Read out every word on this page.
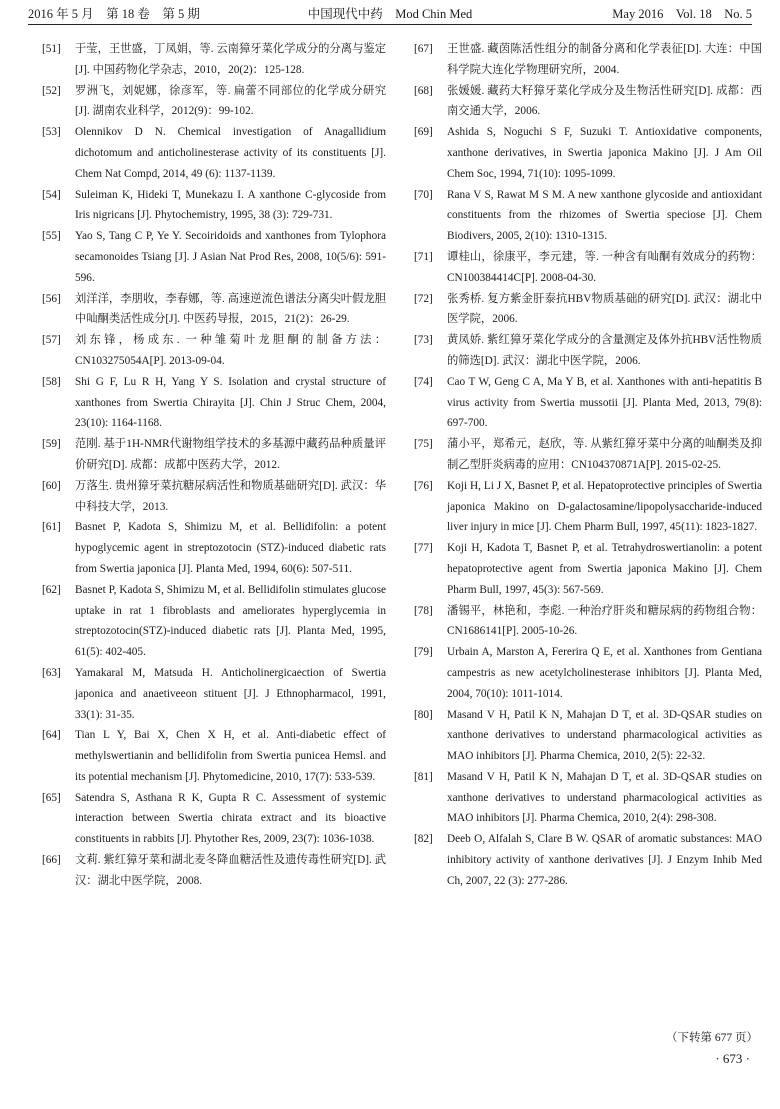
2016 年 5 月　第 18 卷　第 5 期	中国现代中药　Mod Chin Med	May 2016　Vol. 18　No. 5
[51]	于莹，王世盛，丁凤娟，等. 云南獐牙菜化学成分的分离与鉴定[J]. 中国药物化学杂志，2010，20(2)：125-128.
[52]	罗洲飞，刘妮娜，徐彦军，等. 扁蕾不同部位的化学成分研究[J]. 湖南农业科学，2012(9)：99-102.
[53]	Olennikov D N. Chemical investigation of Anagallidium dichotomum and anticholinesterase activity of its constituents [J]. Chem Nat Compd, 2014, 49 (6): 1137-1139.
[54]	Suleiman K, Hideki T, Munekazu I. A xanthone C-glycoside from Iris nigricans [J]. Phytochemistry, 1995, 38 (3): 729-731.
[55]	Yao S, Tang C P, Ye Y. Secoiridoids and xanthones from Tylophora secamonoides Tsiang [J]. J Asian Nat Prod Res, 2008, 10(5/6): 591-596.
[56]	刘洋洋，李朋收，李春娜，等. 高速逆流色谱法分离尖叶假龙胆中𠮿酮类活性成分[J]. 中医药导报，2015，21(2)：26-29.
[57]	刘东锋，杨成东. 一种雏菊叶龙胆酮的制备方法：CN103275054A[P]. 2013-09-04.
[58]	Shi G F, Lu R H, Yang Y S. Isolation and crystal structure of xanthones from Swertia Chirayita [J]. Chin J Struc Chem, 2004, 23(10): 1164-1168.
[59]	范刚. 基于1H-NMR代谢物组学技术的多基源中藏药品种质量评价研究[D]. 成都：成都中医药大学，2012.
[60]	万落生. 贵州獐牙菜抗糖尿病活性和物质基础研究[D]. 武汉：华中科技大学，2013.
[61]	Basnet P, Kadota S, Shimizu M, et al. Bellidifolin: a potent hypoglycemic agent in streptozotocin (STZ)-induced diabetic rats from Swertia japonica [J]. Planta Med, 1994, 60(6): 507-511.
[62]	Basnet P, Kadota S, Shimizu M, et al. Bellidifolin stimulates glucose uptake in rat 1 fibroblasts and ameliorates hyperglycemia in streptozotocin(STZ)-induced diabetic rats [J]. Planta Med, 1995, 61(5): 402-405.
[63]	Yamakaral M, Matsuda H. Anticholinergicaection of Swertia japonica and anaetiveeon stituent [J]. J Ethnopharmacol, 1991, 33(1): 31-35.
[64]	Tian L Y, Bai X, Chen X H, et al. Anti-diabetic effect of methylswertianin and bellidifolin from Swertia punicea Hemsl. and its potential mechanism [J]. Phytomedicine, 2010, 17(7): 533-539.
[65]	Satendra S, Asthana R K, Gupta R C. Assessment of systemic interaction between Swertia chirata extract and its bioactive constituents in rabbits [J]. Phytother Res, 2009, 23(7): 1036-1038.
[66]	文莉. 紫红獐牙菜和湖北麦冬降血糖活性及遗传毒性研究[D]. 武汉：湖北中医学院，2008.
[67]	王世盛. 藏茵陈活性组分的制备分离和化学表征[D]. 大连：中国科学院大连化学物理研究所，2004.
[68]	张媛媛. 藏药大籽獐牙菜化学成分及生物活性研究[D]. 成都：西南交通大学，2006.
[69]	Ashida S, Noguchi S F, Suzuki T. Antioxidative components, xanthone derivatives, in Swertia japonica Makino [J]. J Am Oil Chem Soc, 1994, 71(10): 1095-1099.
[70]	Rana V S, Rawat M S M. A new xanthone glycoside and antioxidant constituents from the rhizomes of Swertia speciose [J]. Chem Biodivers, 2005, 2(10): 1310-1315.
[71]	谭桂山，徐康平，李元建，等. 一种含有𠮿酮有效成分的药物：CN100384414C[P]. 2008-04-30.
[72]	张秀桥. 复方紫金肝泰抗HBV物质基础的研究[D]. 武汉：湖北中医学院，2006.
[73]	黄凤娇. 紫红獐牙菜化学成分的含量测定及体外抗HBV活性物质的筛选[D]. 武汉：湖北中医学院，2006.
[74]	Cao T W, Geng C A, Ma Y B, et al. Xanthones with anti-hepatitis B virus activity from Swertia mussotii [J]. Planta Med, 2013, 79(8): 697-700.
[75]	蒲小平，郑希元，赵欣，等. 从紫红獐牙菜中分离的𠮿酮类及抑制乙型肝炎病毒的应用：CN104370871A[P]. 2015-02-25.
[76]	Koji H, Li J X, Basnet P, et al. Hepatoprotective principles of Swertia japonica Makino on D-galactosamine/lipopolysaccharide-induced liver injury in mice [J]. Chem Pharm Bull, 1997, 45(11): 1823-1827.
[77]	Koji H, Kadota T, Basnet P, et al. Tetrahydroswertianolin: a potent hepatoprotective agent from Swertia japonica Makino [J]. Chem Pharm Bull, 1997, 45(3): 567-569.
[78]	潘锡平，林艳和，李彪. 一种治疗肝炎和糖尿病的药物组合物：CN1686141[P]. 2005-10-26.
[79]	Urbain A, Marston A, Fererira Q E, et al. Xanthones from Gentiana campestris as new acetylcholinesterase inhibitors [J]. Planta Med, 2004, 70(10): 1011-1014.
[80]	Masand V H, Patil K N, Mahajan D T, et al. 3D-QSAR studies on xanthone derivatives to understand pharmacological activities as MAO inhibitors [J]. Pharma Chemica, 2010, 2(5): 22-32.
[81]	Masand V H, Patil K N, Mahajan D T, et al. 3D-QSAR studies on xanthone derivatives to understand pharmacological activities as MAO inhibitors [J]. Pharma Chemica, 2010, 2(4): 298-308.
[82]	Deeb O, Alfalah S, Clare B W. QSAR of aromatic substances: MAO inhibitory activity of xanthone derivatives [J]. J Enzym Inhib Med Ch, 2007, 22 (3): 277-286.
（下转第 677 页）
· 673 ·
